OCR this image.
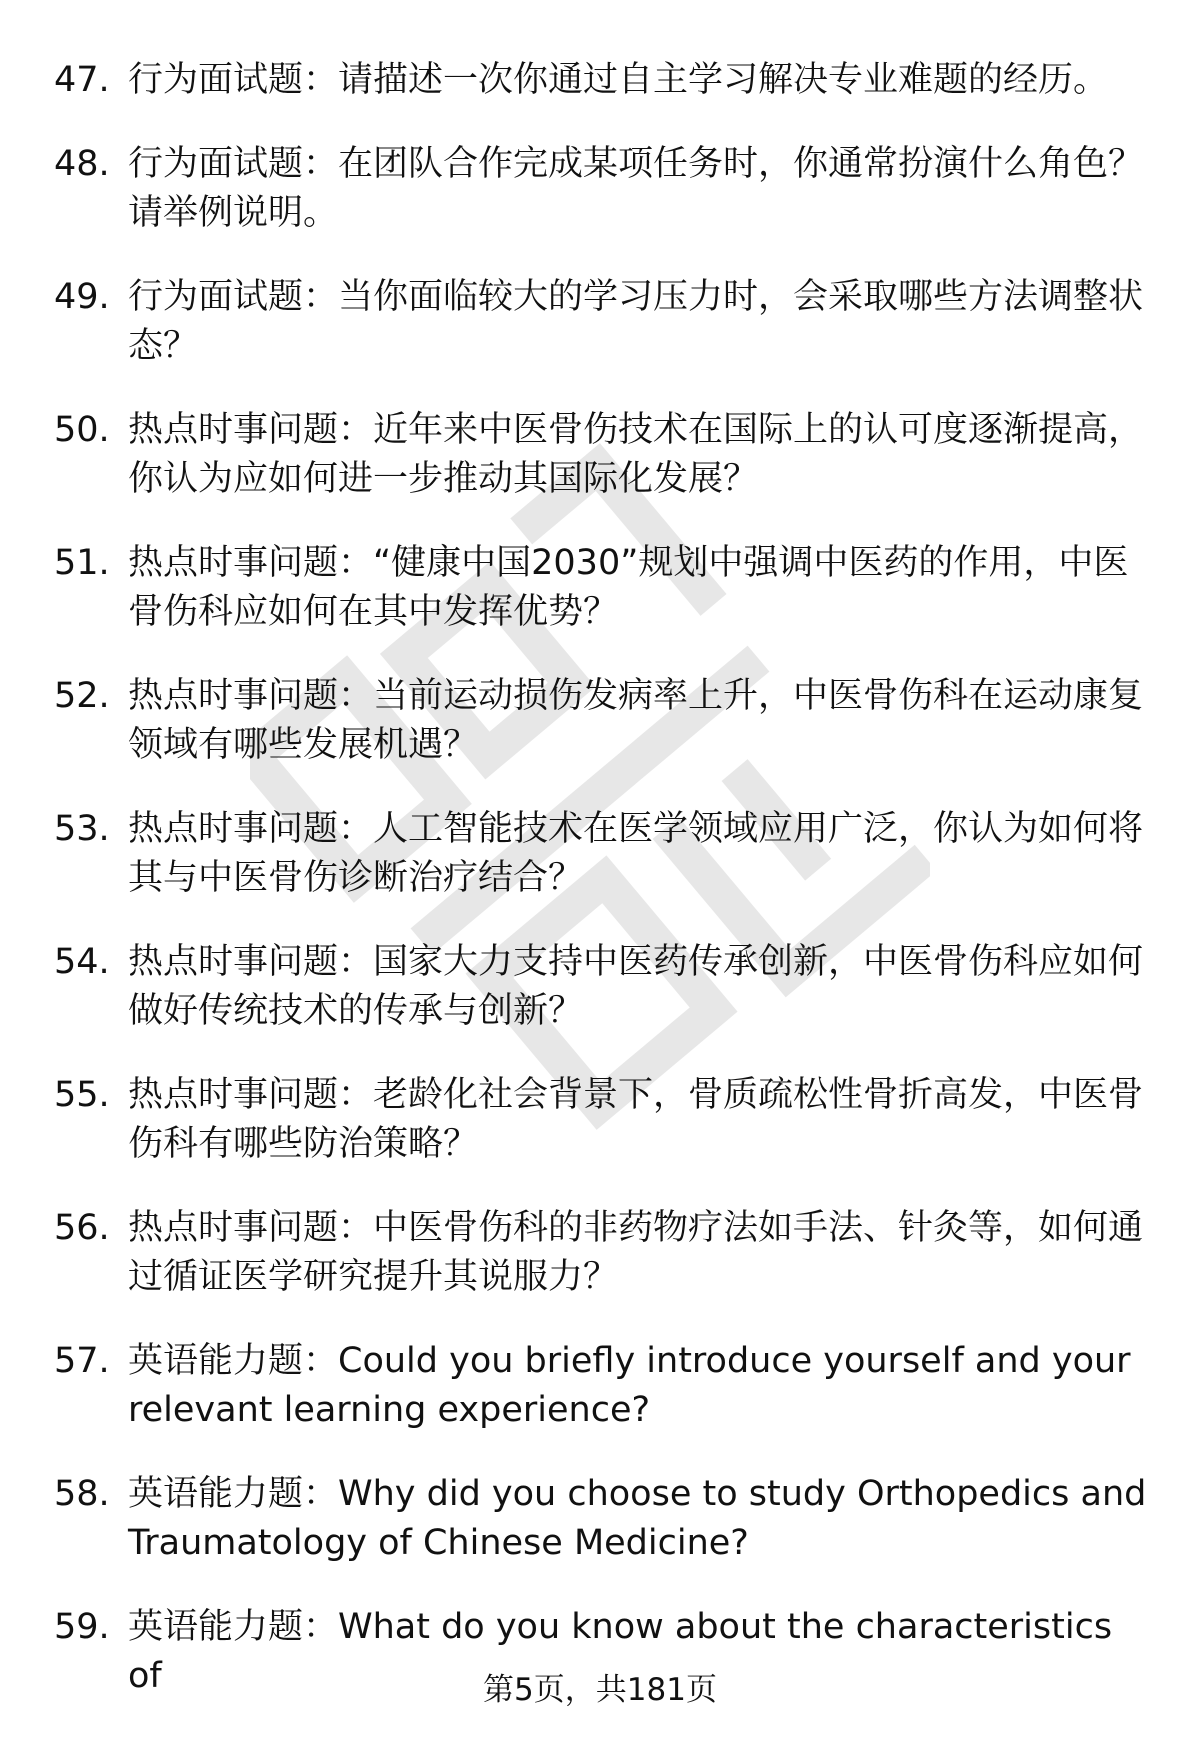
47. 行为面试题：请描述一次你通过自主学习解决专业难题的经历。
48. 行为面试题：在团队合作完成某项任务时，你通常扮演什么角色？请举例说明。
49. 行为面试题：当你面临较大的学习压力时，会采取哪些方法调整状态？
50. 热点时事问题：近年来中医骨伤技术在国际上的认可度逐渐提高，你认为应如何进一步推动其国际化发展？
51. 热点时事问题：“健康中国2030”规划中强调中医药的作用，中医骨伤科应如何在其中发挥优势？
52. 热点时事问题：当前运动损伤发病率上升，中医骨伤科在运动康复领域有哪些发展机遇？
53. 热点时事问题：人工智能技术在医学领域应用广泛，你认为如何将其与中医骨伤诊断治疗结合？
54. 热点时事问题：国家大力支持中医药传承创新，中医骨伤科应如何做好传统技术的传承与创新？
55. 热点时事问题：老龄化社会背景下，骨质疏松性骨折高发，中医骨伤科有哪些防治策略？
56. 热点时事问题：中医骨伤科的非药物疗法如手法、针灸等，如何通过循证医学研究提升其说服力？
57. 英语能力题：Could you briefly introduce yourself and your relevant learning experience?
58. 英语能力题：Why did you choose to study Orthopedics and Traumatology of Chinese Medicine?
59. 英语能力题：What do you know about the characteristics of	第5页，共181页
